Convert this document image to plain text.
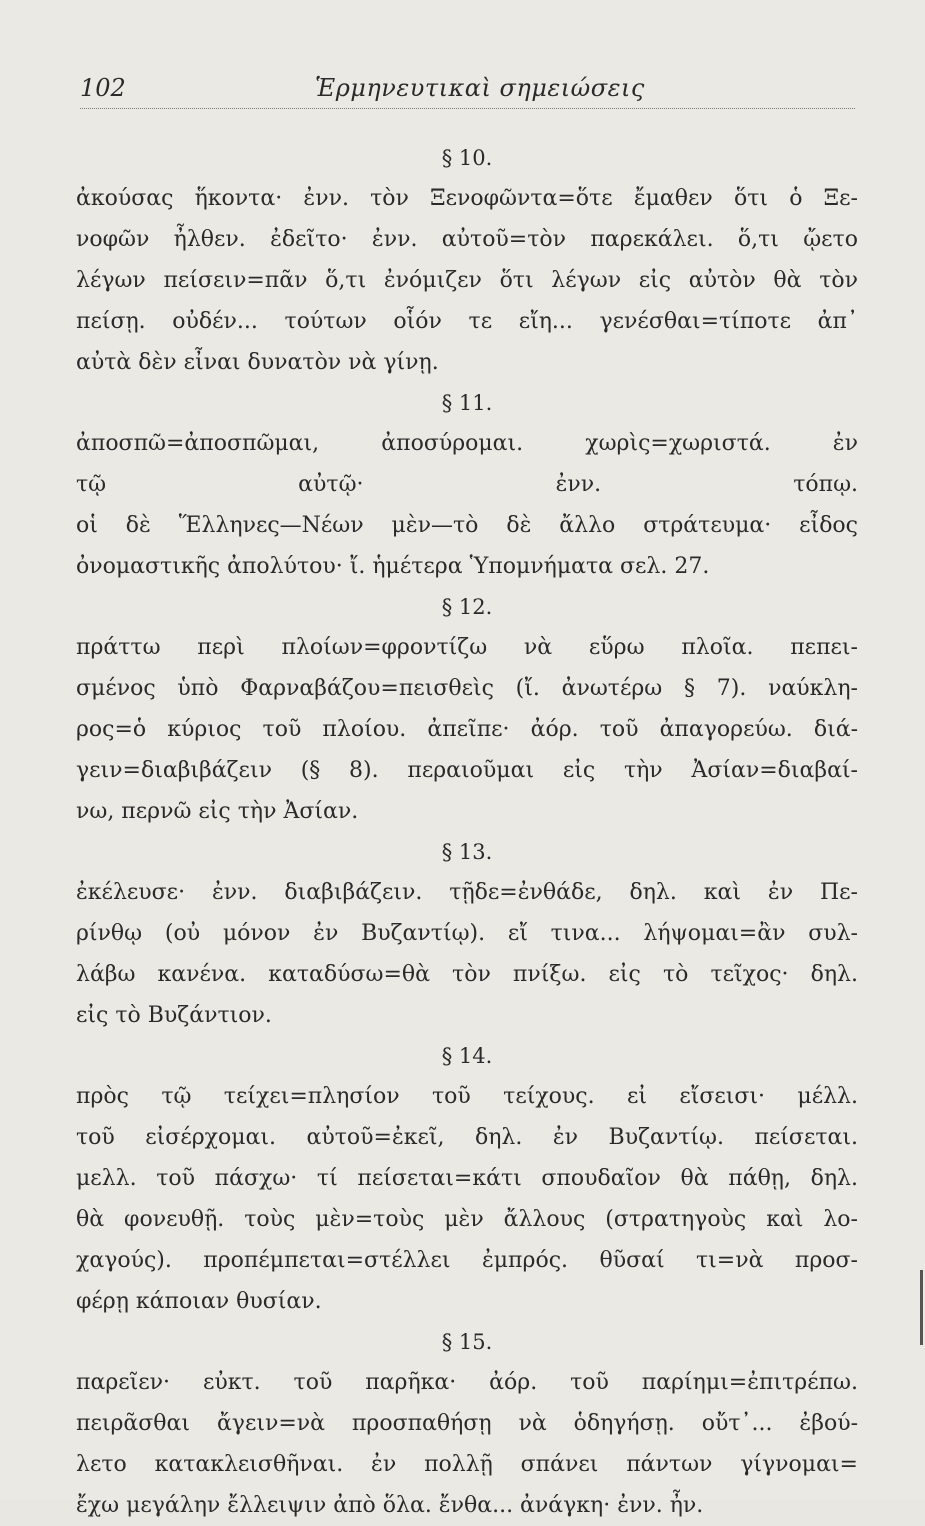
102	Ἑρμηνευτικαὶ σημειώσεις
§ 10.
ἀκούσας ἥκοντα· ἐνν. τὸν Ξενοφῶντα=ὅτε ἔμαθεν ὅτι ὁ Ξε-
νοφῶν ἦλθεν. ἐδεῖτο· ἐνν. αὐτοῦ=τὸν παρεκάλει. ὅ,τι ᾤετο
λέγων πείσειν=πᾶν ὅ,τι ἐνόμιζεν ὅτι λέγων εἰς αὐτὸν θὰ τὸν
πείσῃ. οὐδέν... τούτων οἷόν τε εἴη... γενέσθαι=τίποτε ἀπ᾿
αὐτὰ δὲν εἶναι δυνατὸν νὰ γίνῃ.
§ 11.
ἀποσπῶ=ἀποσπῶμαι, ἀποσύρομαι. χωρὶς=χωριστά. ἐν
τῷ αὐτῷ· ἐνν. τόπῳ.
οἱ δὲ Ἕλληνες—Νέων μὲν—τὸ δὲ ἄλλο στράτευμα· εἶδος
ὀνομαστικῆς ἀπολύτου· ἴ. ἡμέτερα Ὑπομνήματα σελ. 27.
§ 12.
πράττω περὶ πλοίων=φροντίζω νὰ εὕρω πλοῖα. πεπει-
σμένος ὑπὸ Φαρναβάζου=πεισθεὶς (ἴ. ἀνωτέρω § 7). ναύκλη-
ρος=ὁ κύριος τοῦ πλοίου. ἀπεῖπε· ἀόρ. τοῦ ἀπαγορεύω. διά-
γειν=διαβιβάζειν (§ 8). περαιοῦμαι εἰς τὴν Ἀσίαν=διαβαί-
νω, περνῶ εἰς τὴν Ἀσίαν.
§ 13.
ἐκέλευσε· ἐνν. διαβιβάζειν. τῇδε=ἐνθάδε, δηλ. καὶ ἐν Πε-
ρίνθῳ (οὐ μόνον ἐν Βυζαντίῳ). εἴ τινα... λήψομαι=ἂν συλ-
λάβω κανένα. καταδύσω=θὰ τὸν πνίξω. εἰς τὸ τεῖχος· δηλ.
εἰς τὸ Βυζάντιον.
§ 14.
πρὸς τῷ τείχει=πλησίον τοῦ τείχους. εἰ εἴσεισι· μέλλ.
τοῦ εἰσέρχομαι. αὐτοῦ=ἐκεῖ, δηλ. ἐν Βυζαντίῳ. πείσεται.
μελλ. τοῦ πάσχω· τί πείσεται=κάτι σπουδαῖον θὰ πάθῃ, δηλ.
θὰ φονευθῇ. τοὺς μὲν=τοὺς μὲν ἄλλους (στρατηγοὺς καὶ λο-
χαγούς). προπέμπεται=στέλλει ἐμπρός. θῦσαί τι=νὰ προσ-
φέρῃ κάποιαν θυσίαν.
§ 15.
παρεῖεν· εὐκτ. τοῦ παρῆκα· ἀόρ. τοῦ παρίημι=ἐπιτρέπω.
πειρᾶσθαι ἄγειν=νὰ προσπαθήσῃ νὰ ὁδηγήσῃ. οὔτ᾿... ἐβού-
λετο κατακλεισθῆναι. ἐν πολλῇ σπάνει πάντων γίγνομαι=
ἔχω μεγάλην ἔλλειψιν ἀπὸ ὅλα. ἔνθα... ἀνάγκη· ἐνν. ἦν.
